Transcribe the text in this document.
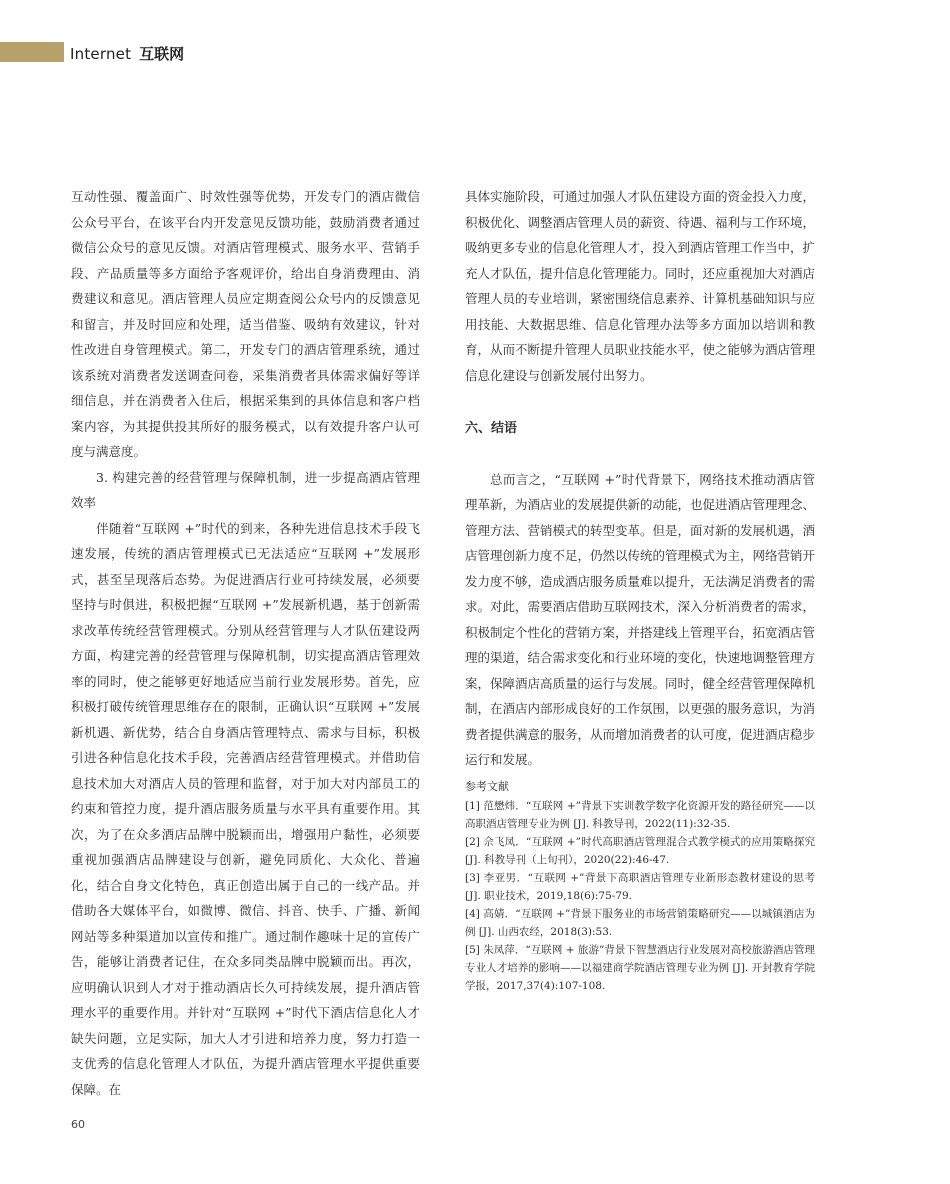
Internet 互联网

互动性强、覆盖面广、时效性强等优势，开发专门的酒店微信公众号平台，在该平台内开发意见反馈功能，鼓励消费者通过微信公众号的意见反馈。对酒店管理模式、服务水平、营销手段、产品质量等多方面给予客观评价，给出自身消费理由、消费建议和意见。酒店管理人员应定期查阅公众号内的反馈意见和留言，并及时回应和处理，适当借鉴、吸纳有效建议，针对性改进自身管理模式。第二，开发专门的酒店管理系统，通过该系统对消费者发送调查问卷，采集消费者具体需求偏好等详细信息，并在消费者入住后，根据采集到的具体信息和客户档案内容，为其提供投其所好的服务模式，以有效提升客户认可度与满意度。

3. 构建完善的经营管理与保障机制，进一步提高酒店管理效率

伴随着“互联网 +”时代的到来，各种先进信息技术手段飞速发展，传统的酒店管理模式已无法适应“互联网 +”发展形式，甚至呈现落后态势。为促进酒店行业可持续发展，必须要坚持与时俱进，积极把握“互联网 +”发展新机遇，基于创新需求改革传统经营管理模式。分别从经营管理与人才队伍建设两方面，构建完善的经营管理与保障机制，切实提高酒店管理效率的同时，使之能够更好地适应当前行业发展形势。首先，应积极打破传统管理思维存在的限制，正确认识“互联网 +”发展新机遇、新优势，结合自身酒店管理特点、需求与目标，积极引进各种信息化技术手段，完善酒店经营管理模式。并借助信息技术加大对酒店人员的管理和监督，对于加大对内部员工的约束和管控力度，提升酒店服务质量与水平具有重要作用。其次，为了在众多酒店品牌中脱颖而出，增强用户黏性，必须要重视加强酒店品牌建设与创新，避免同质化、大众化、普遍化，结合自身文化特色，真正创造出属于自己的一线产品。并借助各大媒体平台，如微博、微信、抖音、快手、广播、新闻网站等多种渠道加以宣传和推广。通过制作趣味十足的宣传广告，能够让消费者记住，在众多同类品牌中脱颖而出。再次，应明确认识到人才对于推动酒店长久可持续发展，提升酒店管理水平的重要作用。并针对“互联网 +”时代下酒店信息化人才缺失问题，立足实际，加大人才引进和培养力度，努力打造一支优秀的信息化管理人才队伍，为提升酒店管理水平提供重要保障。在

具体实施阶段，可通过加强人才队伍建设方面的资金投入力度，积极优化、调整酒店管理人员的薪资、待遇、福利与工作环境，吸纳更多专业的信息化管理人才，投入到酒店管理工作当中，扩充人才队伍，提升信息化管理能力。同时，还应重视加大对酒店管理人员的专业培训，紧密围绕信息素养、计算机基础知识与应用技能、大数据思维、信息化管理办法等多方面加以培训和教育，从而不断提升管理人员职业技能水平，使之能够为酒店管理信息化建设与创新发展付出努力。

六、结语

总而言之，“互联网 +”时代背景下，网络技术推动酒店管理革新，为酒店业的发展提供新的动能，也促进酒店管理理念、管理方法、营销模式的转型变革。但是，面对新的发展机遇，酒店管理创新力度不足，仍然以传统的管理模式为主，网络营销开发力度不够，造成酒店服务质量难以提升，无法满足消费者的需求。对此，需要酒店借助互联网技术，深入分析消费者的需求，积极制定个性化的营销方案，并搭建线上管理平台，拓宽酒店管理的渠道，结合需求变化和行业环境的变化，快速地调整管理方案，保障酒店高质量的运行与发展。同时，健全经营管理保障机制，在酒店内部形成良好的工作氛围，以更强的服务意识，为消费者提供满意的服务，从而增加消费者的认可度，促进酒店稳步运行和发展。

参考文献

[1] 范懋炜．“互联网 +”背景下实训教学数字化资源开发的路径研究——以高职酒店管理专业为例 [J]. 科教导刊，2022(11):32-35.

[2] 佘飞凤．“互联网 +”时代高职酒店管理混合式教学模式的应用策略探究 [J]. 科教导刊（上旬刊），2020(22):46-47.

[3] 李亚男．“互联网 +”背景下高职酒店管理专业新形态教材建设的思考 [J]. 职业技术，2019,18(6):75-79.

[4] 高婧．“互联网 +”背景下服务业的市场营销策略研究——以城镇酒店为例 [J]. 山西农经，2018(3):53.

[5] 朱凤萍．“互联网 + 旅游”背景下智慧酒店行业发展对高校旅游酒店管理专业人才培养的影响——以福建商学院酒店管理专业为例 [J]. 开封教育学院学报，2017,37(4):107-108.

60
